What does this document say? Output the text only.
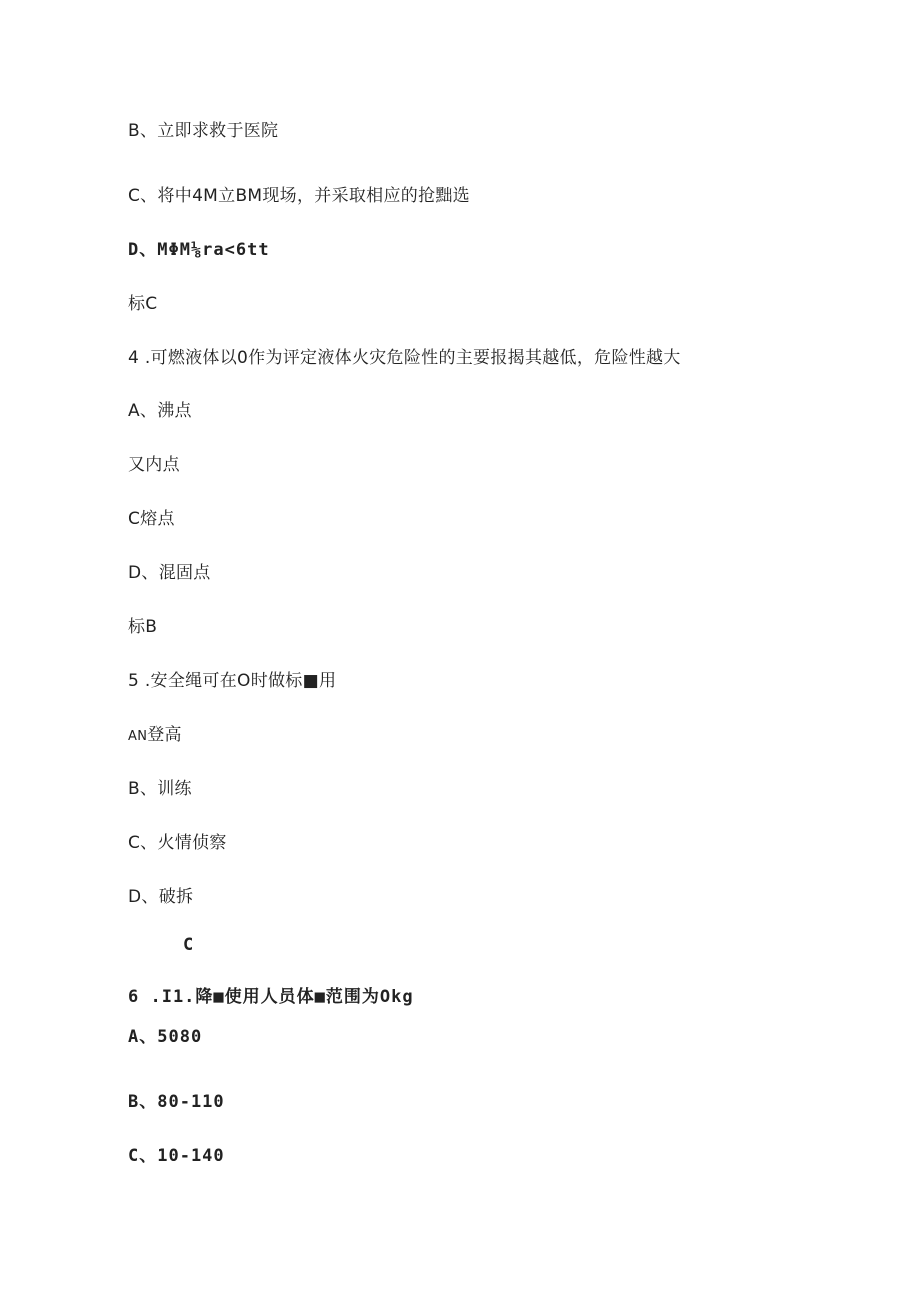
B、立即求救于医院
C、将中4M立BM现场，并采取相应的抢黜选
D、MΦM⅛ra<6tt
标C
4 .可燃液体以0作为评定液体火灾危险性的主要报揭其越低，危险性越大
A、沸点
又内点
C熔点
D、混固点
标B
5 .安全绳可在O时做标■用
AN登高
B、训练
C、火情侦察
D、破拆
C
6 .I1.降■使用人员体■范围为Okg
A、5080
B、80-110
C、10-140
